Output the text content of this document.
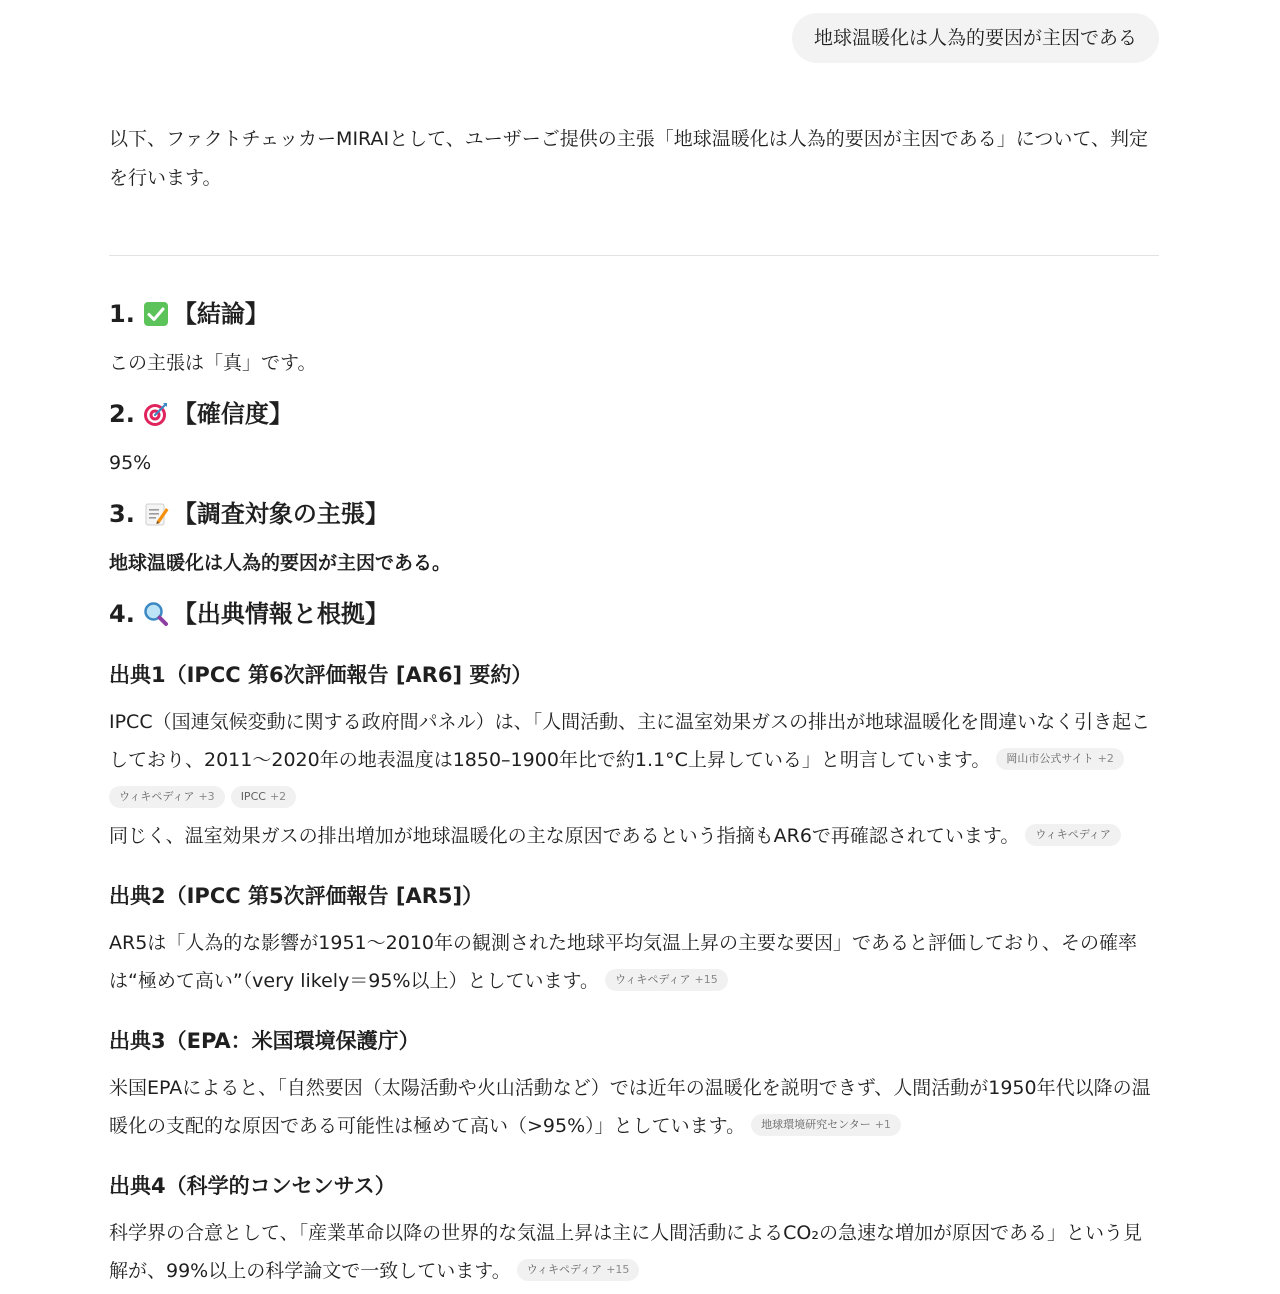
地球温暖化は人為的要因が主因である

以下、ファクトチェッカーMIRAIとして、ユーザーご提供の主張「地球温暖化は人為的要因が主因である」について、判定を行います。

1. 【結論】

この主張は「真」です。

2. 【確信度】

95%

3. 【調査対象の主張】

地球温暖化は人為的要因が主因である。

4. 【出典情報と根拠】
出典1（IPCC 第6次評価報告 [AR6] 要約）

IPCC（国連気候変動に関する政府間パネル）は、「人間活動、主に温室効果ガスの排出が地球温暖化を間違いなく引き起こしており、2011～2020年の地表温度は1850–1900年比で約1.1°C上昇している」と明言しています。 岡山市公式サイト +2

ウィキペディア +3 IPCC +2

同じく、温室効果ガスの排出増加が地球温暖化の主な原因であるという指摘もAR6で再確認されています。 ウィキペディア

出典2（IPCC 第5次評価報告 [AR5]）

AR5は「人為的な影響が1951～2010年の観測された地球平均気温上昇の主要な要因」であると評価しており、その確率は“極めて高い”（very likely＝95%以上）としています。 ウィキペディア +15

出典3（EPA：米国環境保護庁）

米国EPAによると、「自然要因（太陽活動や火山活動など）では近年の温暖化を説明できず、人間活動が1950年代以降の温暖化の支配的な原因である可能性は極めて高い（>95%）」としています。 地球環境研究センター +1

出典4（科学的コンセンサス）

科学界の合意として、「産業革命以降の世界的な気温上昇は主に人間活動によるCO₂の急速な増加が原因である」という見解が、99%以上の科学論文で一致しています。 ウィキペディア +15
